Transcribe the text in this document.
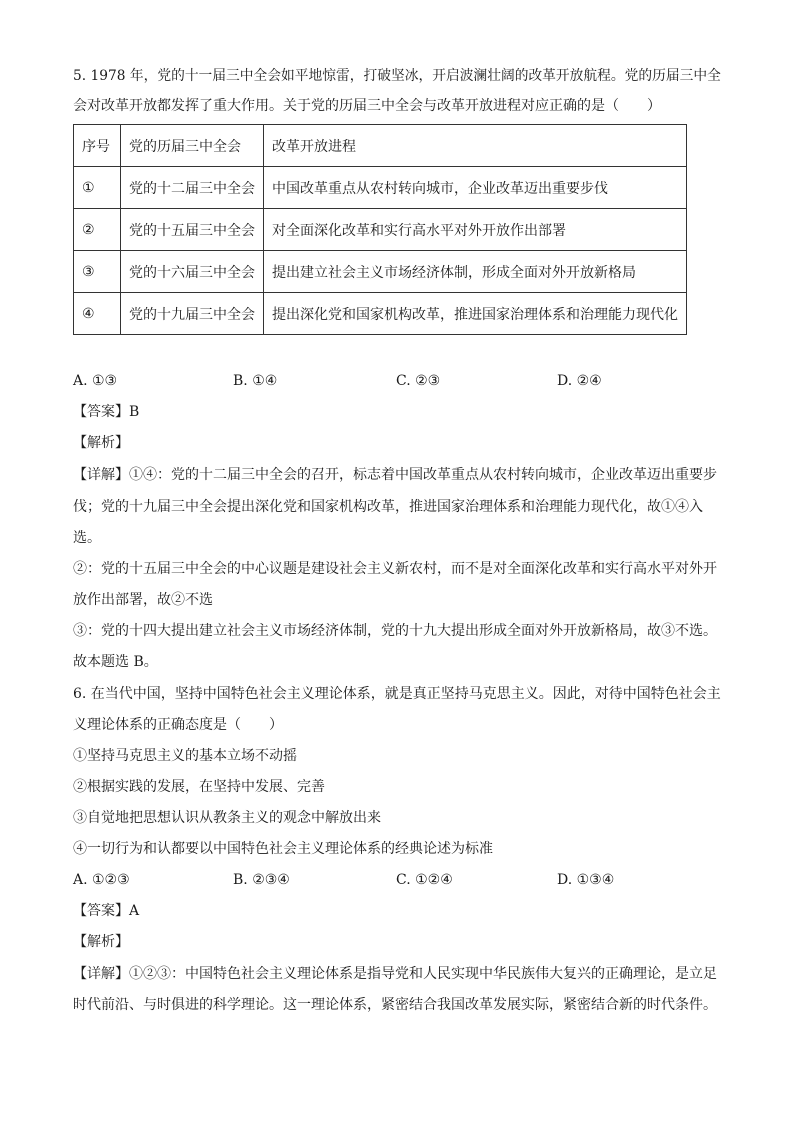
5. 1978 年，党的十一届三中全会如平地惊雷，打破坚冰，开启波澜壮阔的改革开放航程。党的历届三中全
会对改革开放都发挥了重大作用。关于党的历届三中全会与改革开放进程对应正确的是（　　）
序号	党的历届三中全会	改革开放进程
①	党的十二届三中全会	中国改革重点从农村转向城市，企业改革迈出重要步伐
②	党的十五届三中全会	对全面深化改革和实行高水平对外开放作出部署
③	党的十六届三中全会	提出建立社会主义市场经济体制，形成全面对外开放新格局
④	党的十九届三中全会	提出深化党和国家机构改革，推进国家治理体系和治理能力现代化
A. ①③	B. ①④	C. ②③	D. ②④
【答案】B
【解析】
【详解】①④：党的十二届三中全会的召开，标志着中国改革重点从农村转向城市，企业改革迈出重要步
伐；党的十九届三中全会提出深化党和国家机构改革，推进国家治理体系和治理能力现代化，故①④入
选。
②：党的十五届三中全会的中心议题是建设社会主义新农村，而不是对全面深化改革和实行高水平对外开
放作出部署，故②不选
③：党的十四大提出建立社会主义市场经济体制，党的十九大提出形成全面对外开放新格局，故③不选。
故本题选 B。
6. 在当代中国，坚持中国特色社会主义理论体系，就是真正坚持马克思主义。因此，对待中国特色社会主
义理论体系的正确态度是（　　）
①坚持马克思主义的基本立场不动摇
②根据实践的发展，在坚持中发展、完善
③自觉地把思想认识从教条主义的观念中解放出来
④一切行为和认都要以中国特色社会主义理论体系的经典论述为标准
A. ①②③	B. ②③④	C. ①②④	D. ①③④
【答案】A
【解析】
【详解】①②③：中国特色社会主义理论体系是指导党和人民实现中华民族伟大复兴的正确理论，是立足
时代前沿、与时俱进的科学理论。这一理论体系，紧密结合我国改革发展实际，紧密结合新的时代条件。
